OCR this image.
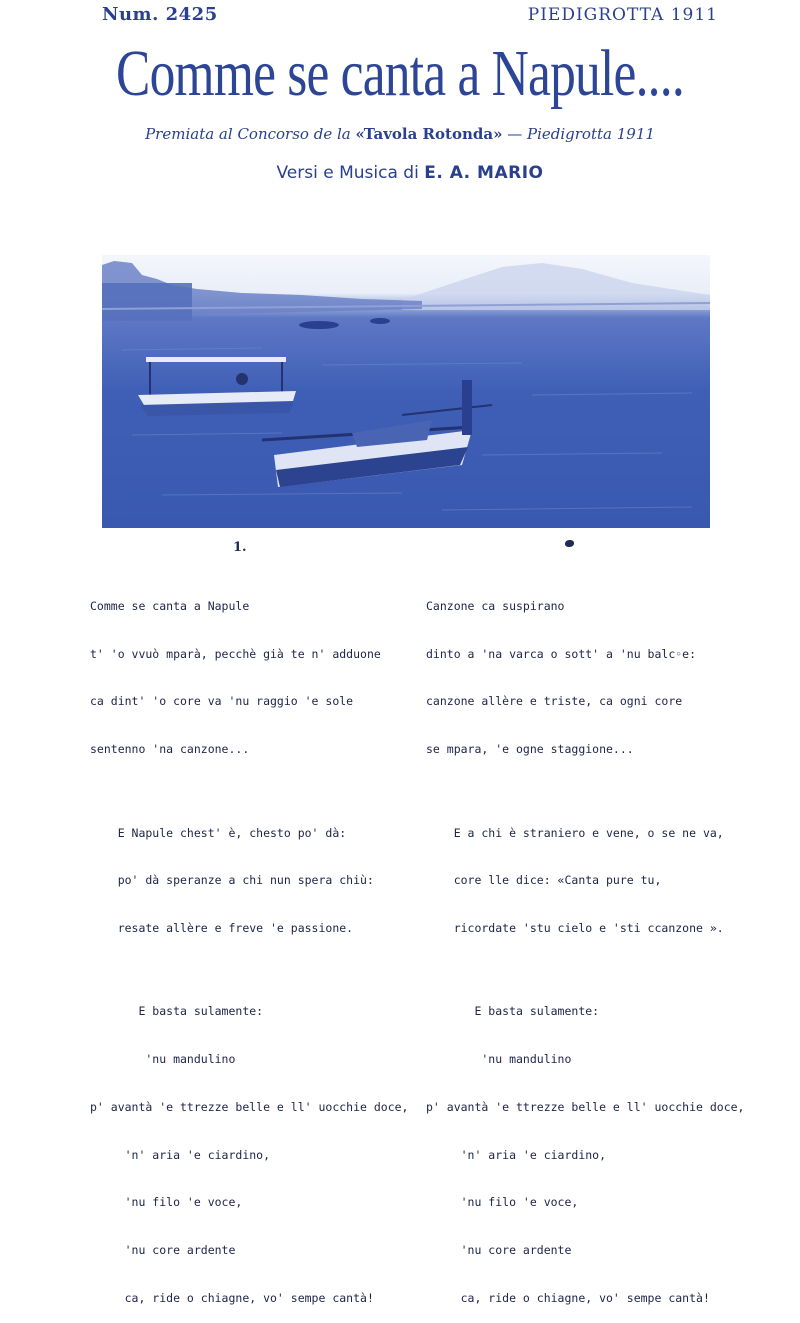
Num. 2425	PIEDIGROTTA 1911
Comme se canta a Napule....
Premiata al Concorso de la «Tavola Rotonda» — Piedigrotta 1911
Versi e Musica di E. A. MARIO
1.

Comme se canta a Napule

t' 'o vvuò mparà, pecchè già te n' adduone

ca dint' 'o core va 'nu raggio 'e sole

sentenno 'na canzone...

E Napule chest' è, chesto po' dà:

po' dà speranze a chi nun spera chiù:

resate allère e freve 'e passione.

E basta sulamente:

'nu mandulino

p' avantà 'e ttrezze belle e ll' uocchie doce,

'n' aria 'e ciardino,

'nu filo 'e voce,

'nu core ardente

ca, ride o chiagne, vo' sempe cantà!

Canzone ca suspirano

dinto a 'na varca o sott' a 'nu balc◦e:

canzone allère e triste, ca ogni core

se mpara, 'e ogne staggione...

E a chi è straniero e vene, o se ne va,

core lle dice: «Canta pure tu,

ricordate 'stu cielo e 'sti ccanzone ».

E basta sulamente:

'nu mandulino

p' avantà 'e ttrezze belle e ll' uocchie doce,

'n' aria 'e ciardino,

'nu filo 'e voce,

'nu core ardente

ca, ride o chiagne, vo' sempe cantà!
